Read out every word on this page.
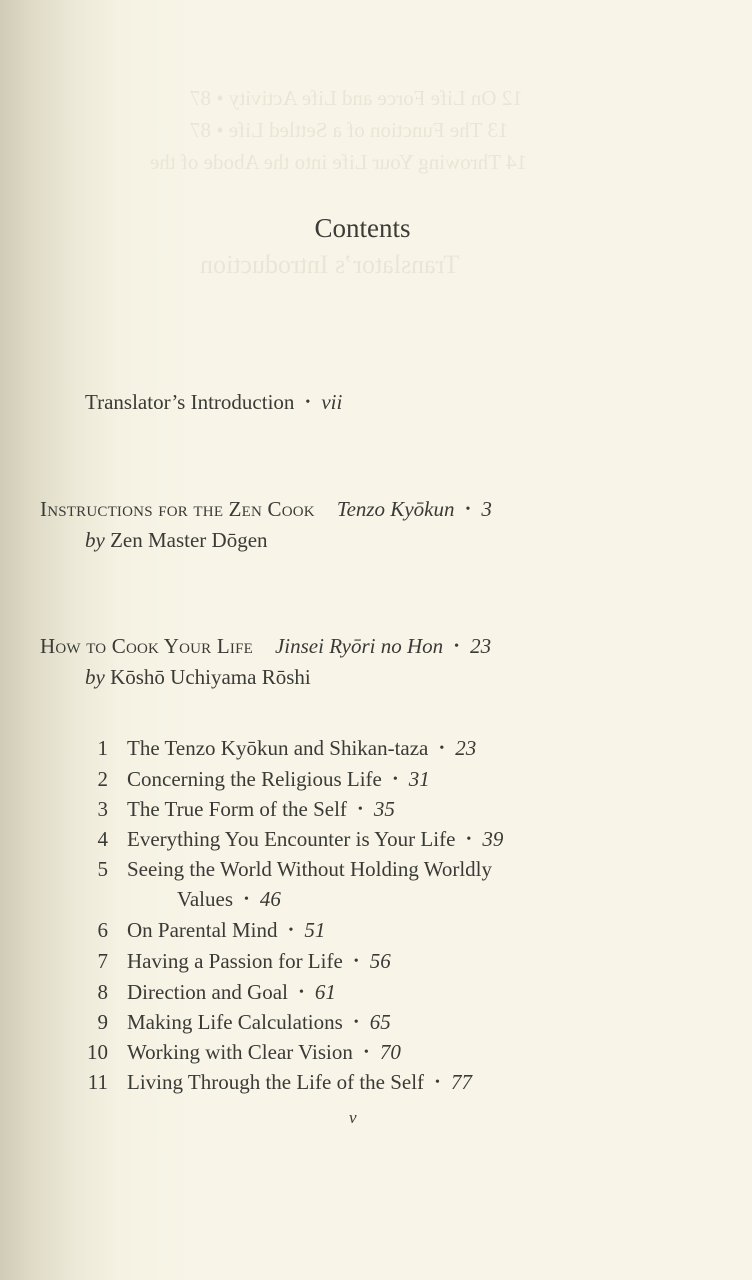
12 On Life Force and Life Activity • 87
13 The Function of a Settled Life • 87
14 Throwing Your Life into the Abode of the
Translator’s Introduction
Contents
Translator’s Introduction • vii
Instructions for the Zen Cook Tenzo Kyōkun • 3
by Zen Master Dōgen
How to Cook Your Life Jinsei Ryōri no Hon • 23
by Kōshō Uchiyama Rōshi
1 The Tenzo Kyōkun and Shikan-taza • 23
2 Concerning the Religious Life • 31
3 The True Form of the Self • 35
4 Everything You Encounter is Your Life • 39
5 Seeing the World Without Holding Worldly
Values • 46
6 On Parental Mind • 51
7 Having a Passion for Life • 56
8 Direction and Goal • 61
9 Making Life Calculations • 65
10 Working with Clear Vision • 70
11 Living Through the Life of the Self • 77
v
